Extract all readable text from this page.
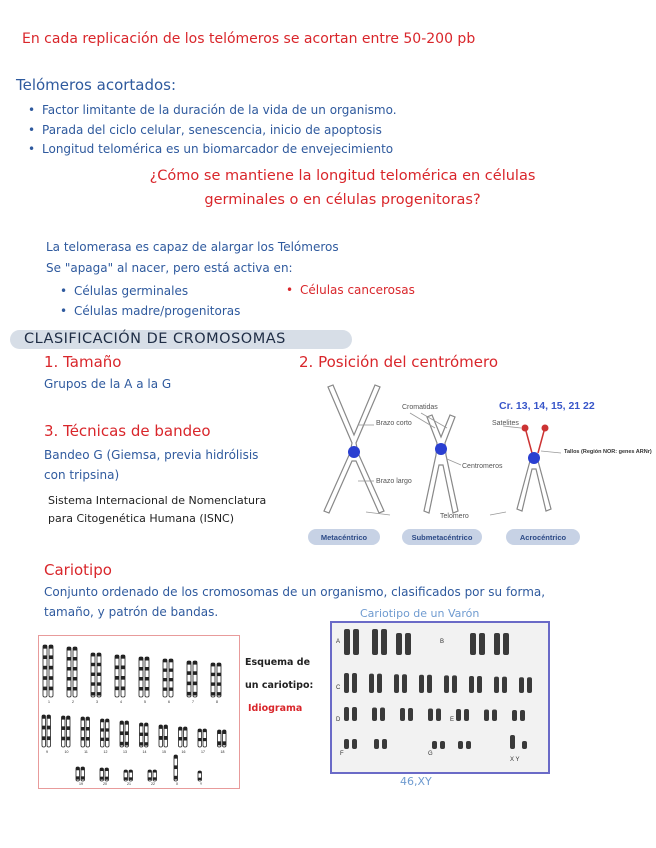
En cada replicación de los telómeros se acortan entre 50-200 pb
Telómeros acortados:
• Factor limitante de la duración de la vida de un organismo.
• Parada del ciclo celular, senescencia, inicio de apoptosis
• Longitud telomérica es un biomarcador de envejecimiento
¿Cómo se mantiene la longitud telomérica en células germinales o en células progenitoras?
La telomerasa es capaz de alargar los Telómeros
Se "apaga" al nacer, pero está activa en:
• Células germinales
• Células madre/progenitoras
• Células cancerosas
CLASIFICACIÓN DE CROMOSOMAS
1. Tamaño
Grupos de la A a la G
2. Posición del centrómero
3. Técnicas de bandeo
Bandeo G (Giemsa, previa hidrólisis
con tripsina)
Sistema Internacional de Nomenclatura
para Citogenética Humana (ISNC)
Brazo corto
Brazo largo
Cromatidas
Centromeros
Satelites
Tallos (Región NOR: genes ARNr)
Telomero
Cr. 13, 14, 15, 21 22
Metacéntrico	Submetacéntrico	Acrocéntrico
Cariotipo
Conjunto ordenado de los cromosomas de un organismo, clasificados por su forma,
tamaño, y patrón de bandas.	Cariotipo de un Varón
1	2	3	4	5	6	7	8
9	10	11	12	13	14	15	16	17	18
19	20	21	22	X	Y
Esquema de
un cariotipo:
Idiograma
A	B
C
D	E
F	G
X Y
46,XY
